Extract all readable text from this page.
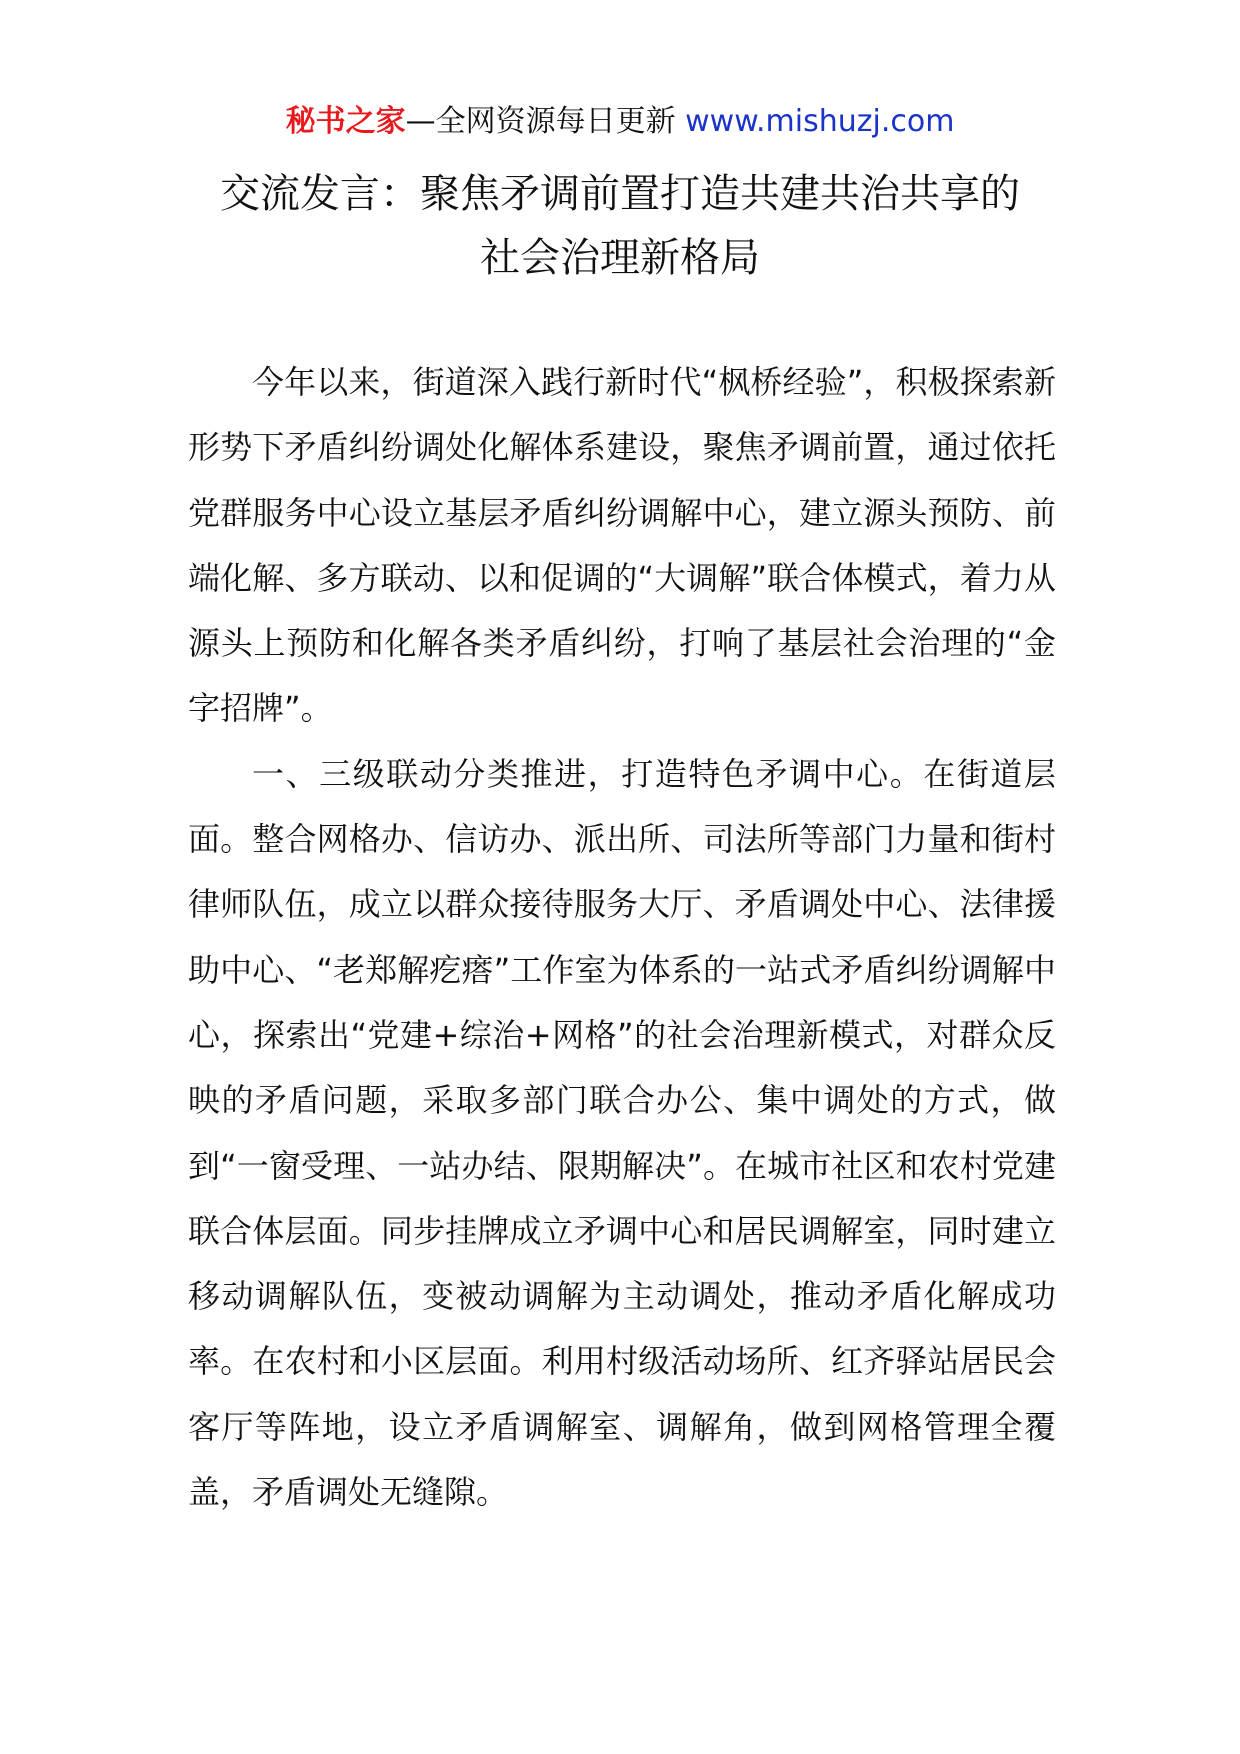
秘书之家—全网资源每日更新 www.mishuzj.com
交流发言：聚焦矛调前置打造共建共治共享的
社会治理新格局

今年以来，街道深入践行新时代“枫桥经验”，积极探索新形势下矛盾纠纷调处化解体系建设，聚焦矛调前置，通过依托党群服务中心设立基层矛盾纠纷调解中心，建立源头预防、前端化解、多方联动、以和促调的“大调解”联合体模式，着力从源头上预防和化解各类矛盾纠纷，打响了基层社会治理的“金字招牌”。

一、三级联动分类推进，打造特色矛调中心。在街道层面。整合网格办、信访办、派出所、司法所等部门力量和街村律师队伍，成立以群众接待服务大厅、矛盾调处中心、法律援助中心、“老郑解疙瘩”工作室为体系的一站式矛盾纠纷调解中心，探索出“党建+综治+网格”的社会治理新模式，对群众反映的矛盾问题，采取多部门联合办公、集中调处的方式，做到“一窗受理、一站办结、限期解决”。在城市社区和农村党建联合体层面。同步挂牌成立矛调中心和居民调解室，同时建立移动调解队伍，变被动调解为主动调处，推动矛盾化解成功率。在农村和小区层面。利用村级活动场所、红齐驿站居民会客厅等阵地，设立矛盾调解室、调解角，做到网格管理全覆盖，矛盾调处无缝隙。
